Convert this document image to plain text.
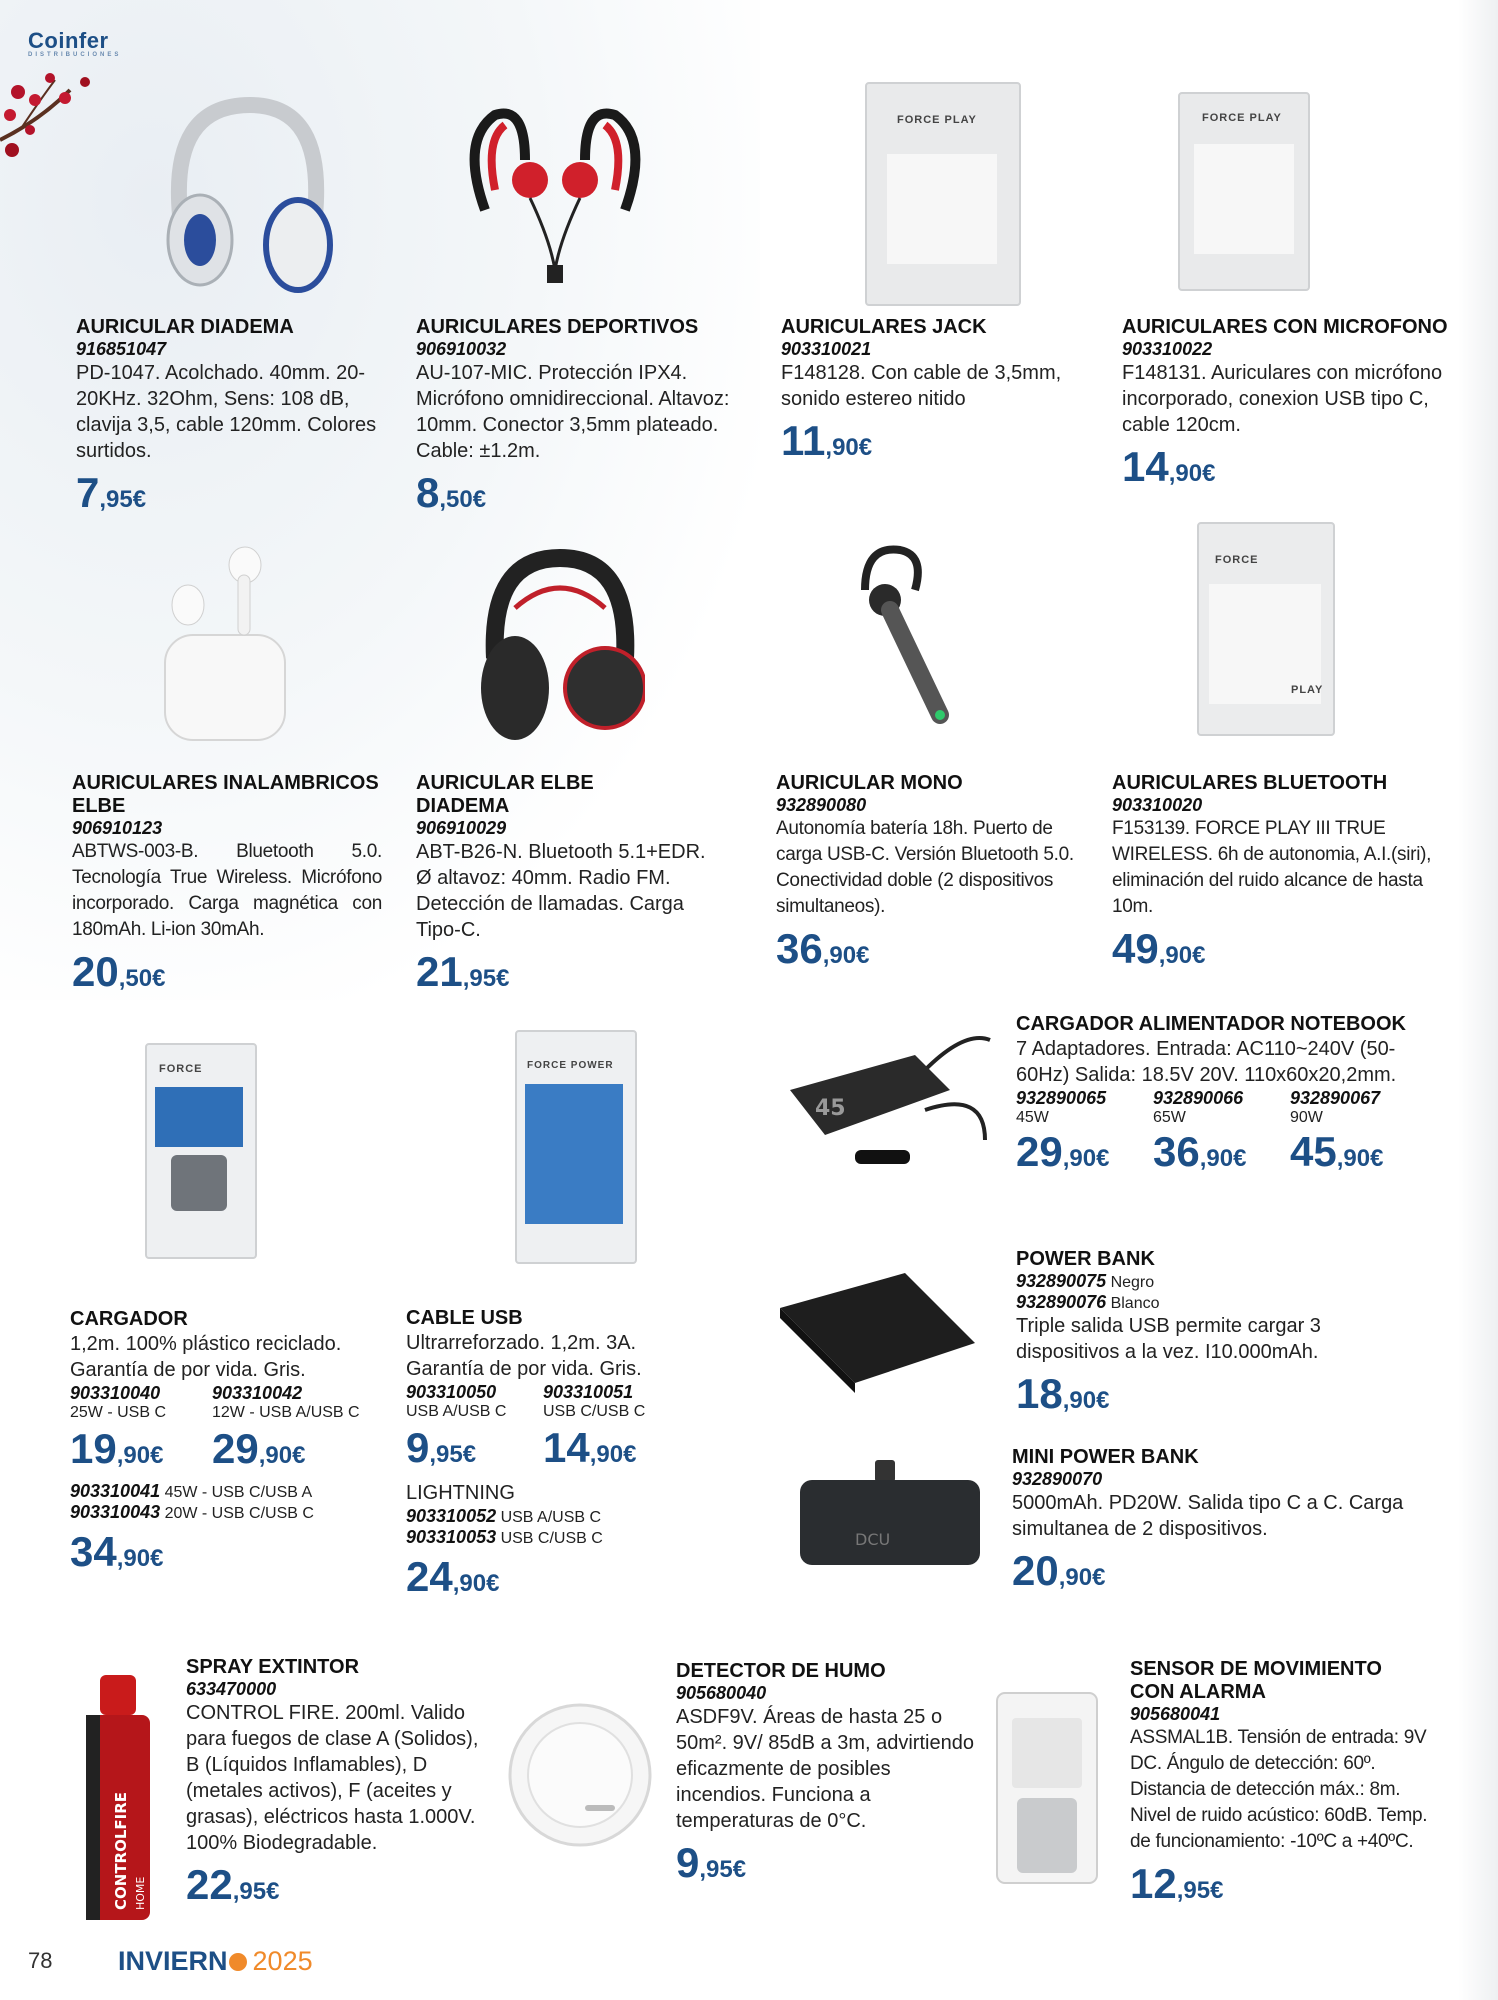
Coinfer
DISTRIBUCIONES
FORCE PLAY	FORCE PLAY
AURICULAR DIADEMA
916851047
PD-1047. Acolchado. 40mm. 20-20KHz. 32Ohm, Sens: 108 dB, clavija 3,5, cable 120mm. Colores surtidos.
7,95€
AURICULARES DEPORTIVOS
906910032
AU-107-MIC. Protección IPX4. Micrófono omnidireccional. Altavoz: 10mm. Conector 3,5mm plateado. Cable: ±1.2m.
8,50€
AURICULARES JACK
903310021
F148128. Con cable de 3,5mm, sonido estereo nitido
11,90€
AURICULARES CON MICROFONO
903310022
F148131. Auriculares con micrófono incorporado, conexion USB tipo C, cable 120cm.
14,90€
FORCE
PLAY
AURICULARES INALAMBRICOS ELBE
906910123
ABTWS-003-B. Bluetooth 5.0. Tecnología True Wireless. Micrófono incorporado. Carga magnética con 180mAh. Li-ion 30mAh.
20,50€
AURICULAR ELBE DIADEMA
906910029
ABT-B26-N. Bluetooth 5.1+EDR. Ø altavoz: 40mm. Radio FM. Detección de llamadas. Carga Tipo-C.
21,95€
AURICULAR MONO
932890080
Autonomía batería 18h. Puerto de carga USB-C. Versión Bluetooth 5.0. Conectividad doble (2 dispositivos simultaneos).
36,90€
AURICULARES BLUETOOTH
903310020
F153139. FORCE PLAY III TRUE WIRELESS. 6h de autonomia, A.I.(siri), eliminación del ruido alcance de hasta 10m.
49,90€
FORCE	FORCE POWER
45
DCU
CARGADOR
1,2m. 100% plástico reciclado. Garantía de por vida. Gris.
903310040
25W - USB C
19,90€
903310042
12W - USB A/USB C
29,90€
903310041 45W - USB C/USB A
903310043 20W - USB C/USB C
34,90€
CABLE USB
Ultrarreforzado. 1,2m. 3A. Garantía de por vida. Gris.
903310050
USB A/USB C
9,95€
903310051
USB C/USB C
14,90€
LIGHTNING
903310052 USB A/USB C
903310053 USB C/USB C
24,90€
CARGADOR ALIMENTADOR NOTEBOOK
7 Adaptadores. Entrada: AC110~240V (50-60Hz) Salida: 18.5V 20V. 110x60x20,2mm.
932890065
45W
29,90€
932890066
65W
36,90€
932890067
90W
45,90€
POWER BANK
932890075 Negro
932890076 Blanco
Triple salida USB permite cargar 3 dispositivos a la vez. I10.000mAh.
18,90€
MINI POWER BANK
932890070
5000mAh. PD20W. Salida tipo C a C. Carga simultanea de 2 dispositivos.
20,90€
CONTROLFIRE HOME
SPRAY EXTINTOR
633470000
CONTROL FIRE. 200ml. Valido para fuegos de clase A (Solidos), B (Líquidos Inflamables), D (metales activos), F (aceites y grasas), eléctricos hasta 1.000V. 100% Biodegradable.
22,95€
DETECTOR DE HUMO
905680040
ASDF9V. Áreas de hasta 25 o 50m². 9V/ 85dB a 3m, advirtiendo eficazmente de posibles incendios. Funciona a temperaturas de 0°C.
9,95€
SENSOR DE MOVIMIENTO CON ALARMA
905680041
ASSMAL1B. Tensión de entrada: 9V DC. Ángulo de detección: 60º. Distancia de detección máx.: 8m. Nivel de ruido acústico: 60dB. Temp. de funcionamiento: -10ºC a +40ºC.
12,95€
78 INVIERN 2025
